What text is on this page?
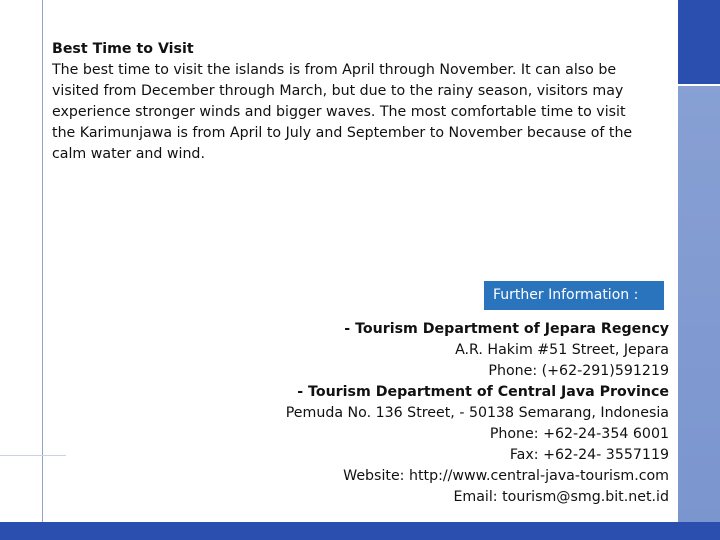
Best Time to Visit
The best time to visit the islands is from April through November. It can also be visited from December through March, but due to the rainy season, visitors may experience stronger winds and bigger waves. The most comfortable time to visit the Karimunjawa is from April to July and September to November because of the calm water and wind.
Further Information :
- Tourism Department of Jepara Regency
A.R. Hakim #51 Street, Jepara
Phone: (+62-291)591219
- Tourism Department of Central Java Province
Pemuda No. 136 Street, - 50138 Semarang, Indonesia
Phone: +62-24-354 6001
Fax: +62-24- 3557119
Website: http://www.central-java-tourism.com
Email: tourism@smg.bit.net.id
